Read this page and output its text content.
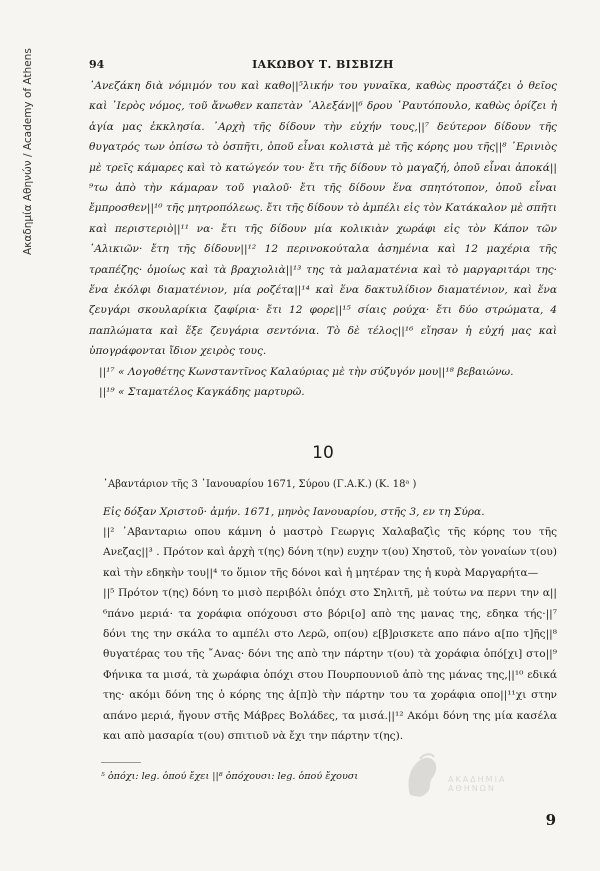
Ακαδημία Αθηνών / Academy of Athens	94	ΙΑΚΩΒΟΥ Τ. ΒΙΣΒΙΖΗ

᾿Ανεζάκη διὰ νόμιμόν του καὶ καθο||⁵λικήν του γυναῖκα, καθὼς προστάζει ὁ θεῖος καὶ ᾿Ιερὸς νόμος, τοῦ ἄνωθεν καπετὰν ᾿Αλεξάν||⁶ δρου ῾Ραυτόπουλο, καθὼς ὁρίζει ἡ ἁγία μας ἐκκλησία. ᾿Αρχὴ τῆς δίδουν τὴν εὐχήν τους,||⁷ δεύτερον δίδουν τῆς θυγατρός των ὀπίσω τὸ ὀσπῆτι, ὁποῦ εἶναι κολιστὰ μὲ τῆς κόρης μου τῆς||⁸ ᾿Ερινιὸς μὲ τρεῖς κάμαρες καὶ τὸ κατώγεόν του· ἔτι τῆς δίδουν τὸ μαγαζή, ὁποῦ εἶναι ἀποκά||⁹τω ἀπὸ τὴν κάμαραν τοῦ γιαλοῦ· ἔτι τῆς δίδουν ἕνα σπητότοπον, ὁποῦ εἶναι ἔμπροσθεν||¹⁰ τῆς μητροπόλεως. ἔτι τῆς δίδουν τὸ ἀμπέλι εἰς τὸν Κατάκαλον μὲ σπῆτι καὶ περιστεριὸ||¹¹ να· ἔτι τῆς δίδουν μία κολικιὰν χωράφι εἰς τὸν Κάπον τῶν ᾿Αλικιῶν· ἔτη τῆς δίδουν||¹² 12 περινοκούταλα ἀσημένια καὶ 12 μαχέρια τῆς τραπέζης· ὁμοίως καὶ τὰ βραχιολιὰ||¹³ της τὰ μαλαματένια καὶ τὸ μαργαριτάρι της· ἕνα ἐκόλφι διαματένιον, μία ροζέτα||¹⁴ καὶ ἕνα δακτυλίδιον διαματένιον, καὶ ἕνα ζευγάρι σκουλαρίκια ζαφίρια· ἔτι 12 φορε||¹⁵ σίαις ρούχα· ἔτι δύο στρώματα, 4 παπλώματα καὶ ἕξε ζευγάρια σεντόνια. Τὸ δὲ τέλος||¹⁶ εἴησαν ἡ εὐχή μας καὶ ὑπογράφονται ἴδιον χειρὸς τους.

||¹⁷ « Λογοθέτης Κωνσταντῖνος Καλαύριας μὲ τὴν σύζυγόν μου||¹⁸ βεβαιώνω.

||¹⁹ « Σταματέλος Καγκάδης μαρτυρῶ.

10

᾿Αβαντάριον τῆς 3 ᾿Ιανουαρίου 1671, Σύρου (Γ.Α.Κ.) (Κ. 18ᵃ )

Εἰς δόξαν Χριστοῦ· ἀμήν. 1671, μηνὸς Ιανουαρίου, στῆς 3, εν τη Σύρα.

||² ᾿Αβανταριω οπου κάμνη ὁ μαστρὸ Γεωργις Χαλαβαζὶς τῆς κόρης του τῆς Ανεζας||³ . Πρότον καὶ ἀρχὴ τ(ης) δόνη τ(ην) ευχην τ(ου) Χηστοῦ, τὸν γοναίων τ(ου) καὶ τὴν εδηκὴν του||⁴ το ὅμιον τῆς δόνοι καὶ ἡ μητέραν της ἡ κυρὰ Μαργαρήτα—

||⁵ Πρότον τ(ης) δόνη το μισὸ περιβόλι ὁπόχι στο Σηλιτῆ, μὲ τούτω να περνι την α||⁶πάνο μεριά· τα χοράφια οπόχουσι στο βόρι[ο] απὸ της μανας της, εδηκα τής·||⁷ δόνι της την σκάλα το αμπέλι στο Λερῶ, οπ(ου) ε[β]ρισκετε απο πάνο α[πο τ]ῆς||⁸ θυγατέρας του τῆς ῎Ανας· δόνι της απὸ την πάρτην τ(ου) τὰ χοράφια ὁπό[χι] στο||⁹ Φήνικα τα μισά, τὰ χωράφια ὁπόχι στου Πουρπουνιοῦ ἀπὸ της μάνας της,||¹⁰ εδικά της· ακόμι δόνη της ὁ κόρης της ἀ[π]ὸ τὴν πάρτην του τα χοράφια οπο||¹¹χι στην απάνο μεριά, ἤγουν στῆς Μάβρες Βολάδες, τα μισά.||¹² Ακόμι δόνη της μία κασέλα και απὸ μασαρία τ(ου) σπιτιοῦ νὰ ἔχι την πάρτην τ(ης).

⁵ ὁπόχι: leg. ὁπού ἔχει ||⁸ ὀπόχουσι: leg. ὁπού ἔχουσι	ΑΚΑΔΗΜΙΑ ΑΘΗΝΩΝ
9
